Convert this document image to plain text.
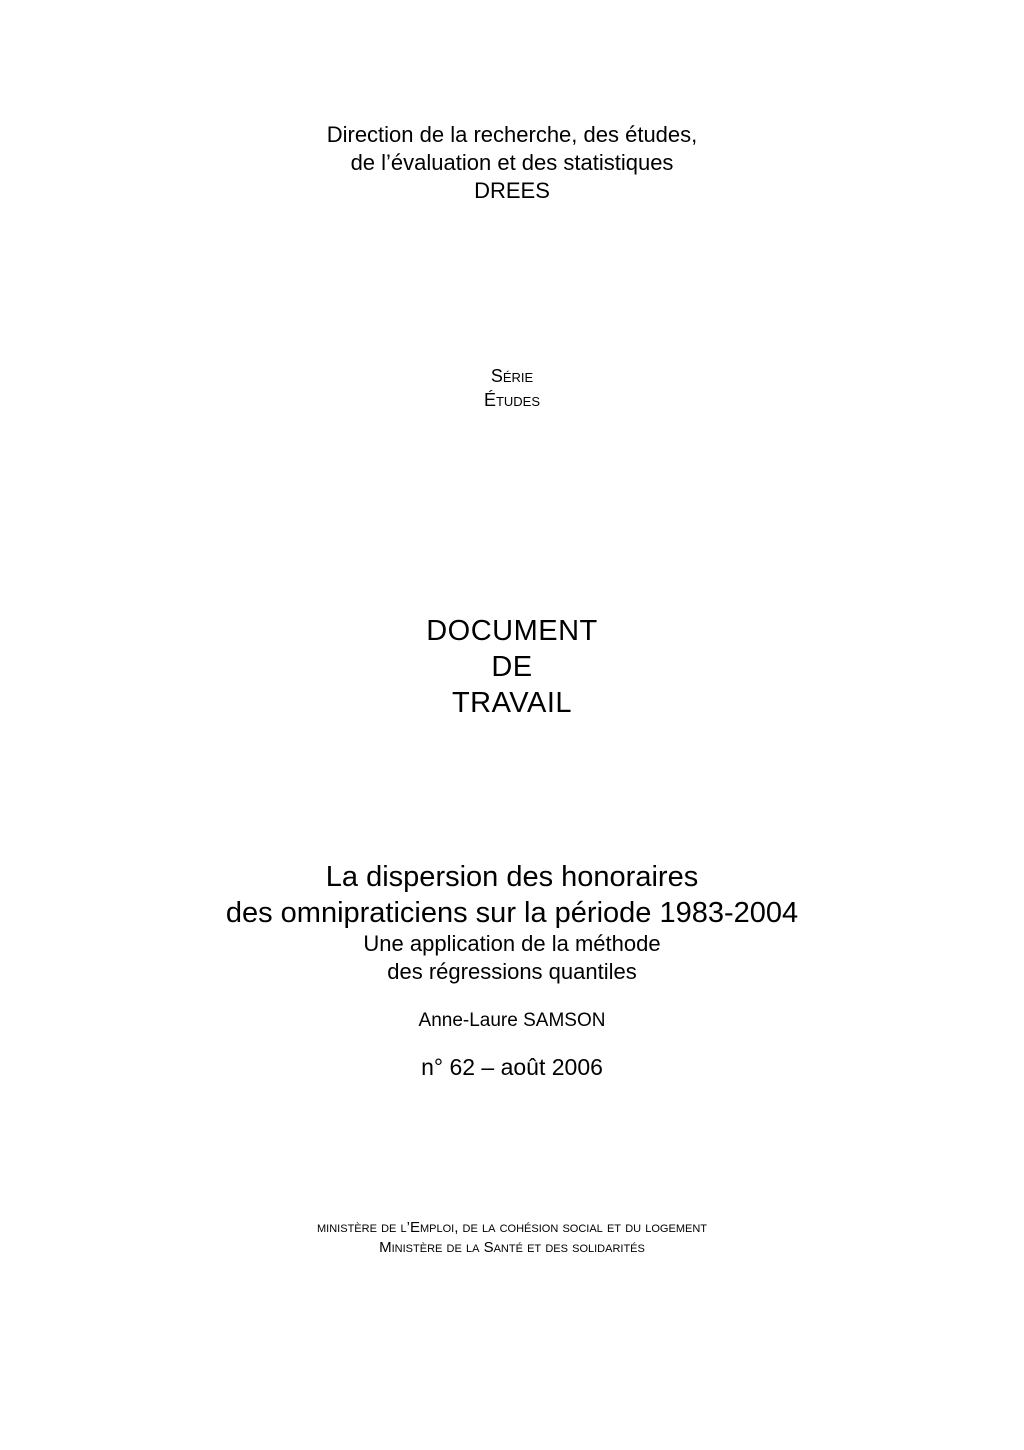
Direction de la recherche, des études,
de l’évaluation et des statistiques
DREES
Série
Études
DOCUMENT
DE
TRAVAIL
La dispersion des honoraires
des omnipraticiens sur la période 1983-2004
Une application de la méthode
des régressions quantiles
Anne-Laure SAMSON
n° 62 – août 2006
ministère de l’Emploi, de la cohésion social et du logement
Ministère de la Santé et des solidarités
